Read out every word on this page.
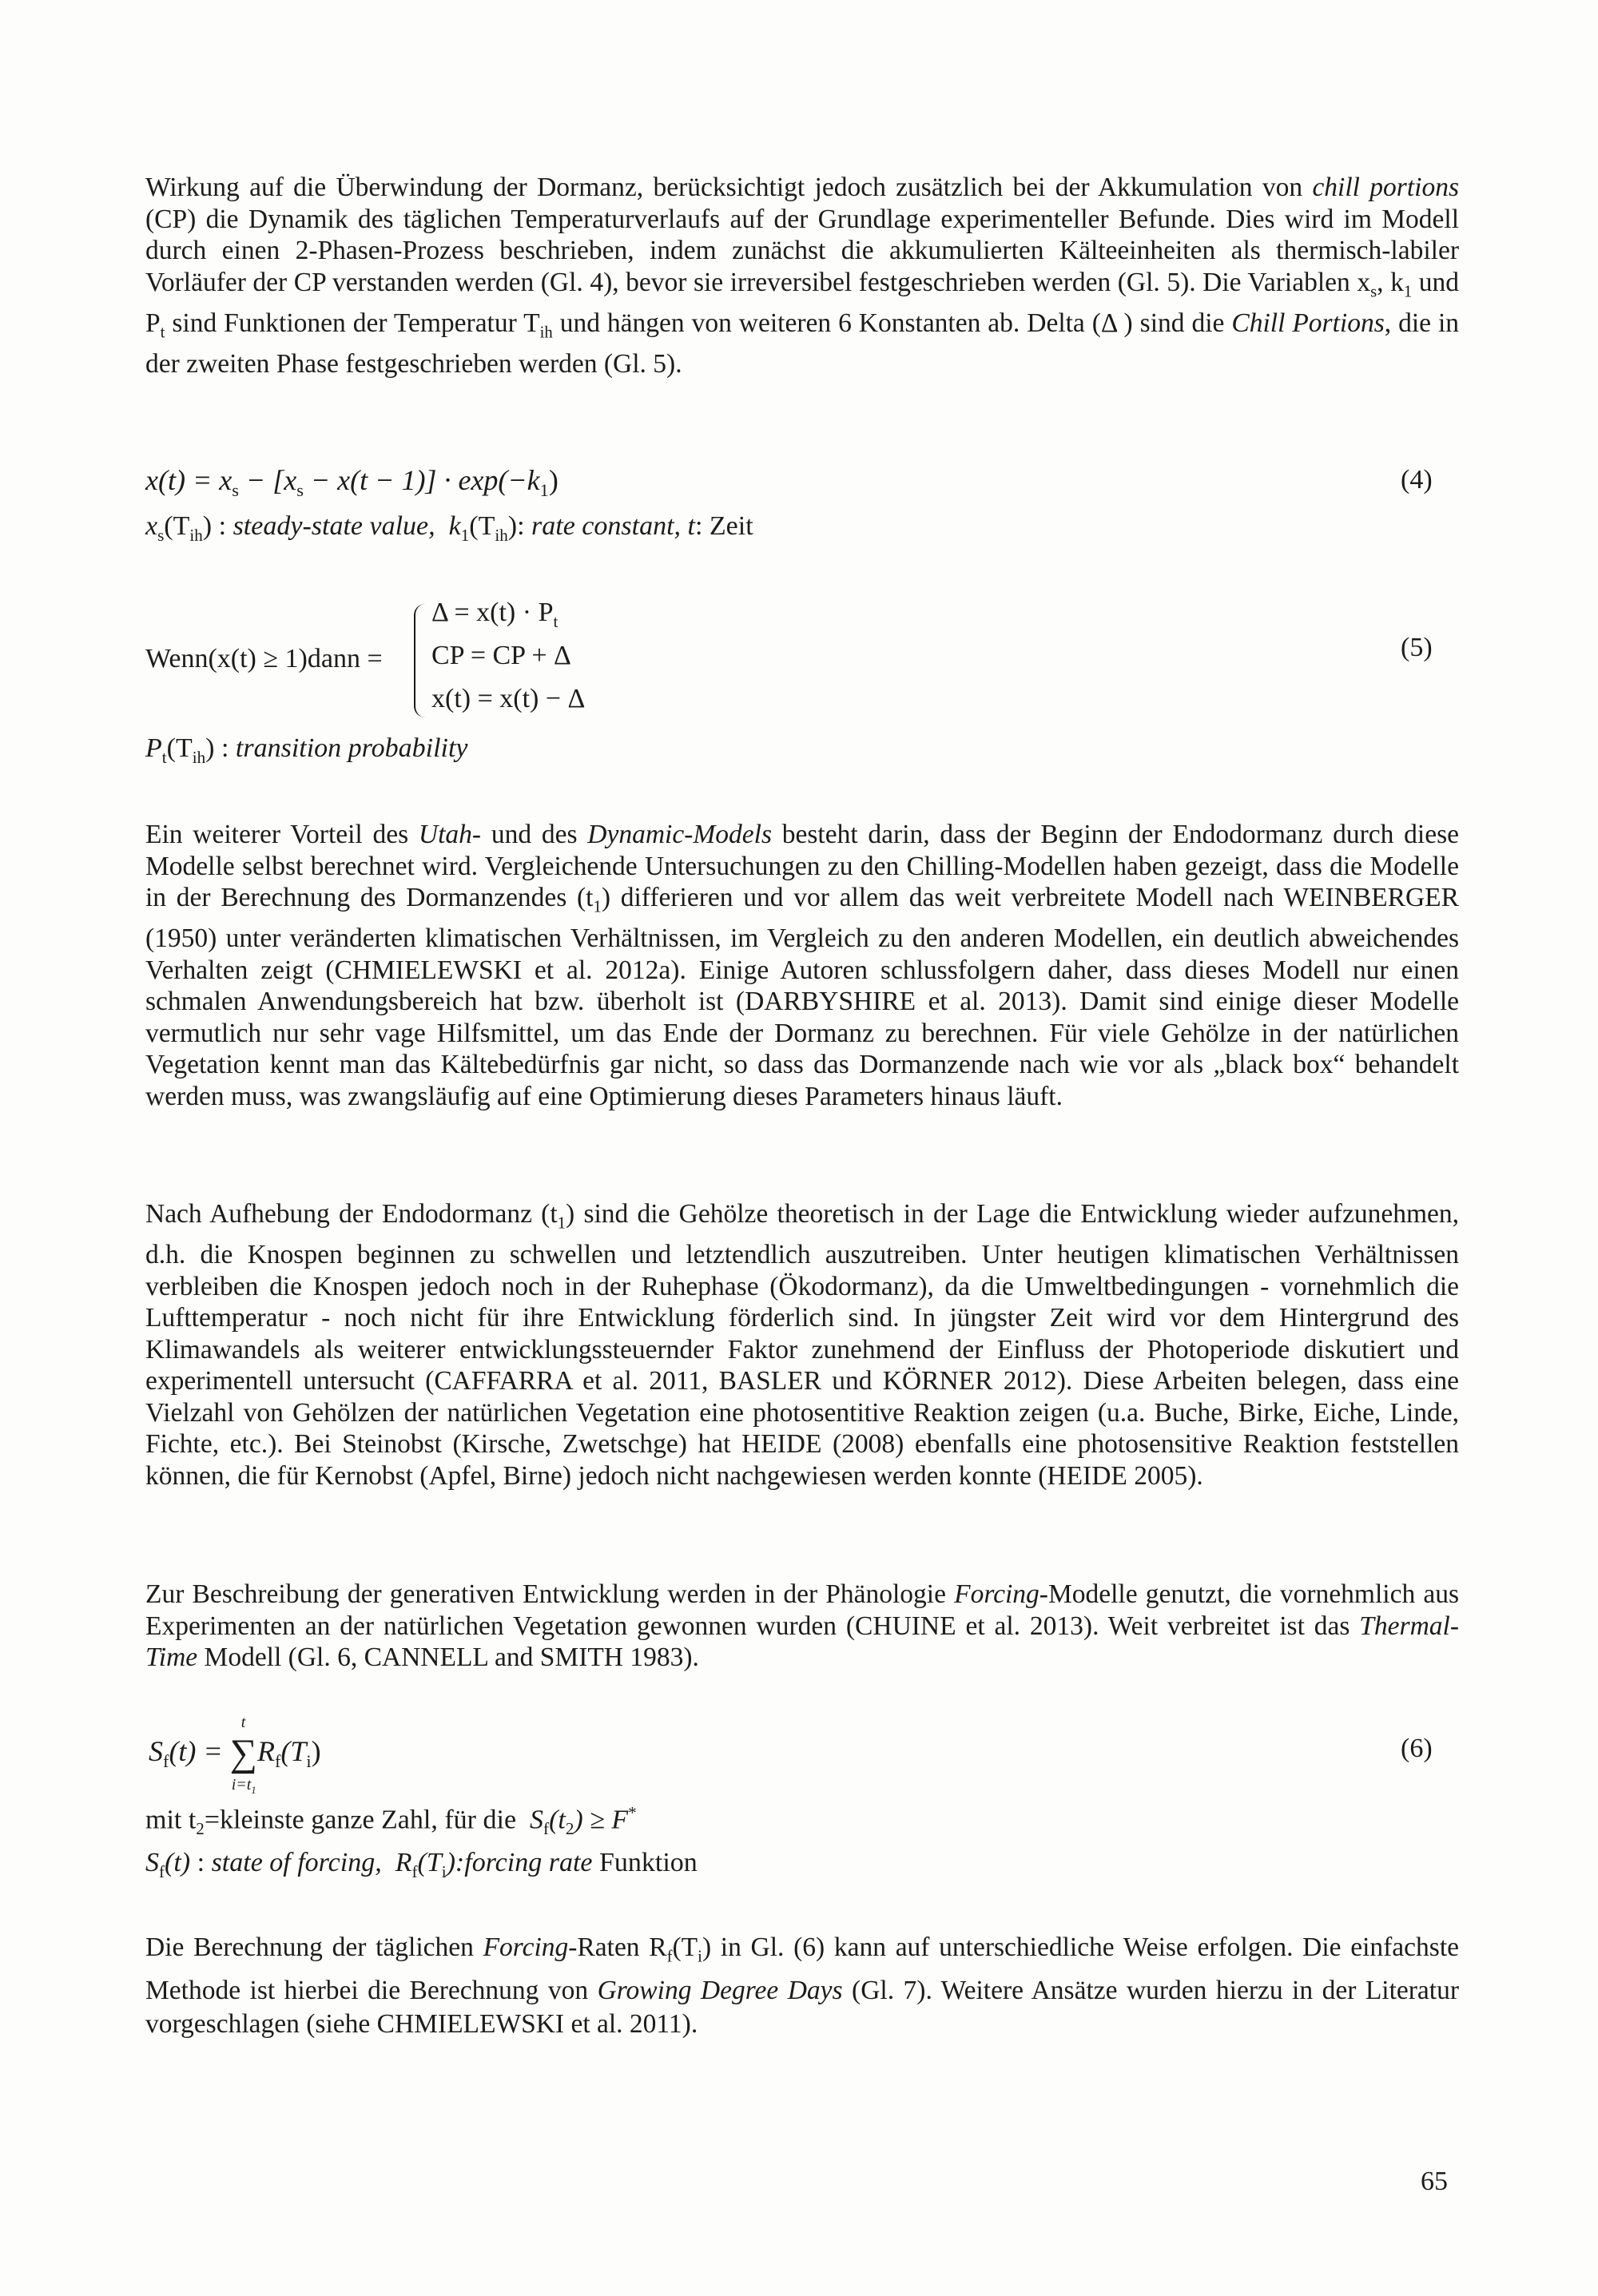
Wirkung auf die Überwindung der Dormanz, berücksichtigt jedoch zusätzlich bei der Akkumulation von chill portions (CP) die Dynamik des täglichen Temperaturverlaufs auf der Grundlage experimenteller Befunde. Dies wird im Modell durch einen 2-Phasen-Prozess beschrieben, indem zunächst die akkumulierten Kälteeinheiten als thermisch-labiler Vorläufer der CP verstanden werden (Gl. 4), bevor sie irreversibel festgeschrieben werden (Gl. 5). Die Variablen $x_s$, $k_1$ und $P_t$ sind Funktionen der Temperatur $T_{ih}$ und hängen von weiteren 6 Konstanten ab. Delta (Δ ) sind die Chill Portions, die in der zweiten Phase festgeschrieben werden (Gl. 5).

$x(t) = x_s - [x_s - x(t - 1)] \cdot \exp(-k_1)$	(4)
$x_s(T_{ih})$ : steady-state value, $k_1(T_{ih})$: rate constant, t: Zeit
Wenn(x(t) ≥ 1)dann =
$\Delta = x(t) \cdot P_t$
CP = CP + Δ
x(t) = x(t) − Δ
(5)
$P_t(T_{ih})$ : transition probability

Ein weiterer Vorteil des Utah- und des Dynamic-Models besteht darin, dass der Beginn der Endodormanz durch diese Modelle selbst berechnet wird. Vergleichende Untersuchungen zu den Chilling-Modellen haben gezeigt, dass die Modelle in der Berechnung des Dormanzendes $(t_1)$ differieren und vor allem das weit verbreitete Modell nach WEINBERGER (1950) unter veränderten klimatischen Verhältnissen, im Vergleich zu den anderen Modellen, ein deutlich abweichendes Verhalten zeigt (CHMIELEWSKI et al. 2012a). Einige Autoren schlussfolgern daher, dass dieses Modell nur einen schmalen Anwendungsbereich hat bzw. überholt ist (DARBYSHIRE et al. 2013). Damit sind einige dieser Modelle vermutlich nur sehr vage Hilfsmittel, um das Ende der Dormanz zu berechnen. Für viele Gehölze in der natürlichen Vegetation kennt man das Kältebedürfnis gar nicht, so dass das Dormanzende nach wie vor als „black box“ behandelt werden muss, was zwangsläufig auf eine Optimierung dieses Parameters hinaus läuft.

Nach Aufhebung der Endodormanz $(t_1)$ sind die Gehölze theoretisch in der Lage die Entwicklung wieder aufzunehmen, d.h. die Knospen beginnen zu schwellen und letztendlich auszutreiben. Unter heutigen klimatischen Verhältnissen verbleiben die Knospen jedoch noch in der Ruhephase (Ökodormanz), da die Umweltbedingungen - vornehmlich die Lufttemperatur - noch nicht für ihre Entwicklung förderlich sind. In jüngster Zeit wird vor dem Hintergrund des Klimawandels als weiterer entwicklungssteuernder Faktor zunehmend der Einfluss der Photoperiode diskutiert und experimentell untersucht (CAFFARRA et al. 2011, BASLER und KÖRNER 2012). Diese Arbeiten belegen, dass eine Vielzahl von Gehölzen der natürlichen Vegetation eine photosentitive Reaktion zeigen (u.a. Buche, Birke, Eiche, Linde, Fichte, etc.). Bei Steinobst (Kirsche, Zwetschge) hat HEIDE (2008) ebenfalls eine photosensitive Reaktion feststellen können, die für Kernobst (Apfel, Birne) jedoch nicht nachgewiesen werden konnte (HEIDE 2005).

Zur Beschreibung der generativen Entwicklung werden in der Phänologie Forcing-Modelle genutzt, die vornehmlich aus Experimenten an der natürlichen Vegetation gewonnen wurden (CHUINE et al. 2013). Weit verbreitet ist das Thermal-Time Modell (Gl. 6, CANNELL and SMITH 1983).

$S_f(t)$ = ∑
t
$i=t_1$
$R_f(T_i)$	(6)
mit $t_2=kleinste$ ganze Zahl, für die  $S_f(t_2) \ge F^*$
$S_f(t)$ : state of forcing, $R_f(T_i):forcing$ rate Funktion

Die Berechnung der täglichen Forcing-Raten $R_f(T_i)$ in Gl. (6) kann auf unterschiedliche Weise erfolgen. Die einfachste Methode ist hierbei die Berechnung von Growing Degree Days (Gl. 7). Weitere Ansätze wurden hierzu in der Literatur vorgeschlagen (siehe CHMIELEWSKI et al. 2011).

65
